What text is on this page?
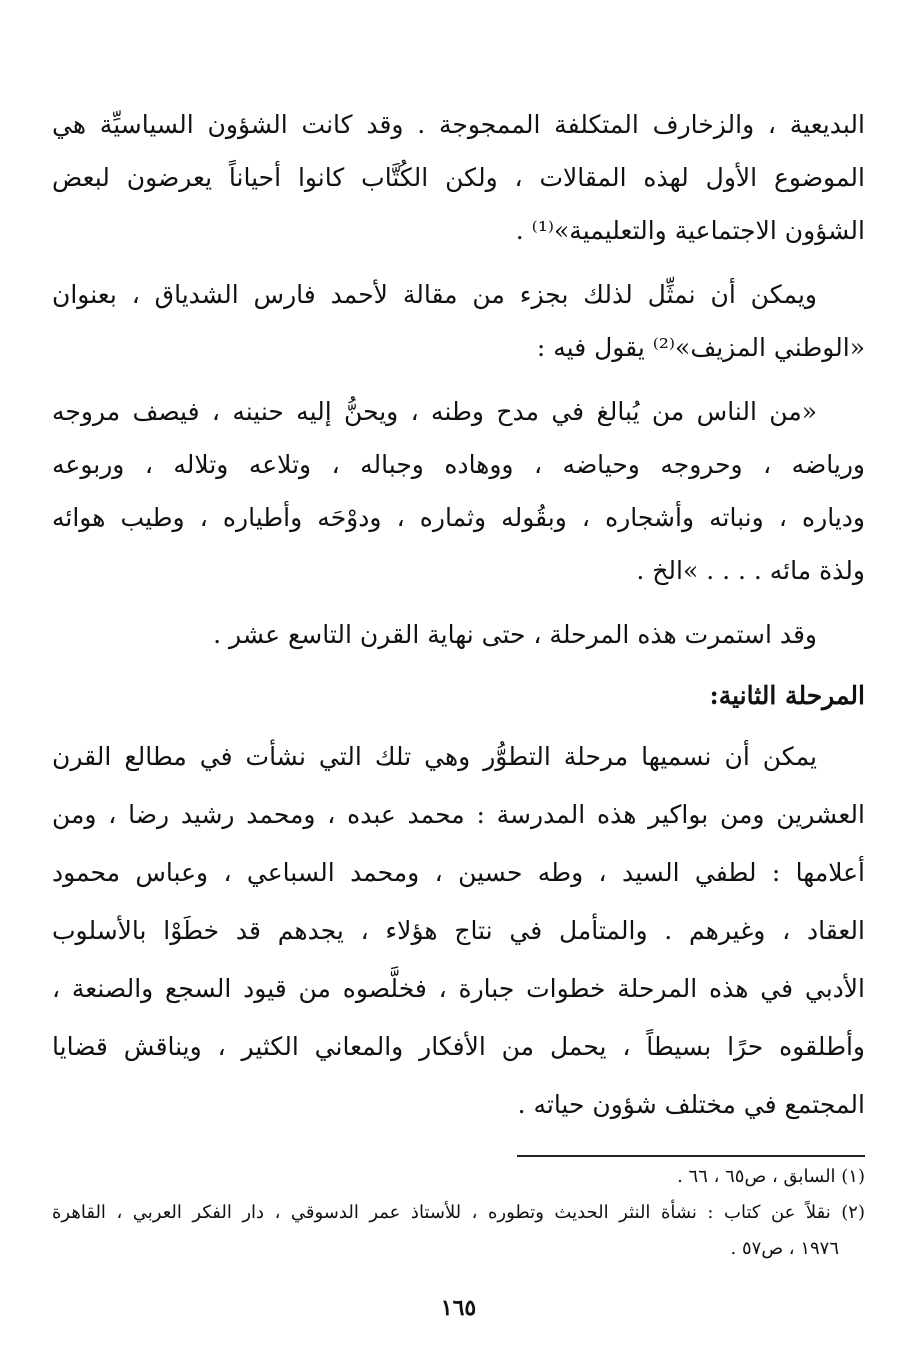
البديعية ، والزخارف المتكلفة الممجوجة . وقد كانت الشؤون السياسيِّة هي

الموضوع الأول لهذه المقالات ، ولكن الكُتَّاب كانوا أحياناً يعرضون لبعض

الشؤون الاجتماعية والتعليمية»⁽¹⁾ .

ويمكن أن نمثِّل لذلك بجزء من مقالة لأحمد فارس الشدياق ، بعنوان

«الوطني المزيف»⁽²⁾ يقول فيه :

«من الناس من يُبالغ في مدح وطنه ، ويحنُّ إليه حنينه ، فيصف مروجه

ورياضه ، وحروجه وحياضه ، ووهاده وجباله ، وتلاعه وتلاله ، وربوعه

ودياره ، ونباته وأشجاره ، وبقُوله وثماره ، ودوْحَه وأطياره ، وطيب هوائه

ولذة مائه . . . . »الخ .

وقد استمرت هذه المرحلة ، حتى نهاية القرن التاسع عشر .

المرحلة الثانية:

يمكن أن نسميها مرحلة التطوُّر وهي تلك التي نشأت في مطالع القرن

العشرين ومن بواكير هذه المدرسة : محمد عبده ، ومحمد رشيد رضا ، ومن

أعلامها : لطفي السيد ، وطه حسين ، ومحمد السباعي ، وعباس محمود

العقاد ، وغيرهم . والمتأمل في نتاج هؤلاء ، يجدهم قد خطَوْا بالأسلوب

الأدبي في هذه المرحلة خطوات جبارة ، فخلَّصوه من قيود السجع والصنعة ،

وأطلقوه حرًا بسيطاً ، يحمل من الأفكار والمعاني الكثير ، ويناقش قضايا

المجتمع في مختلف شؤون حياته .

(١) السابق ، ص٦٥ ، ٦٦ .

(٢) نقلاً عن كتاب : نشأة النثر الحديث وتطوره ، للأستاذ عمر الدسوقي ، دار الفكر العربي ، القاهرة

١٩٧٦ ، ص٥٧ .

١٦٥
